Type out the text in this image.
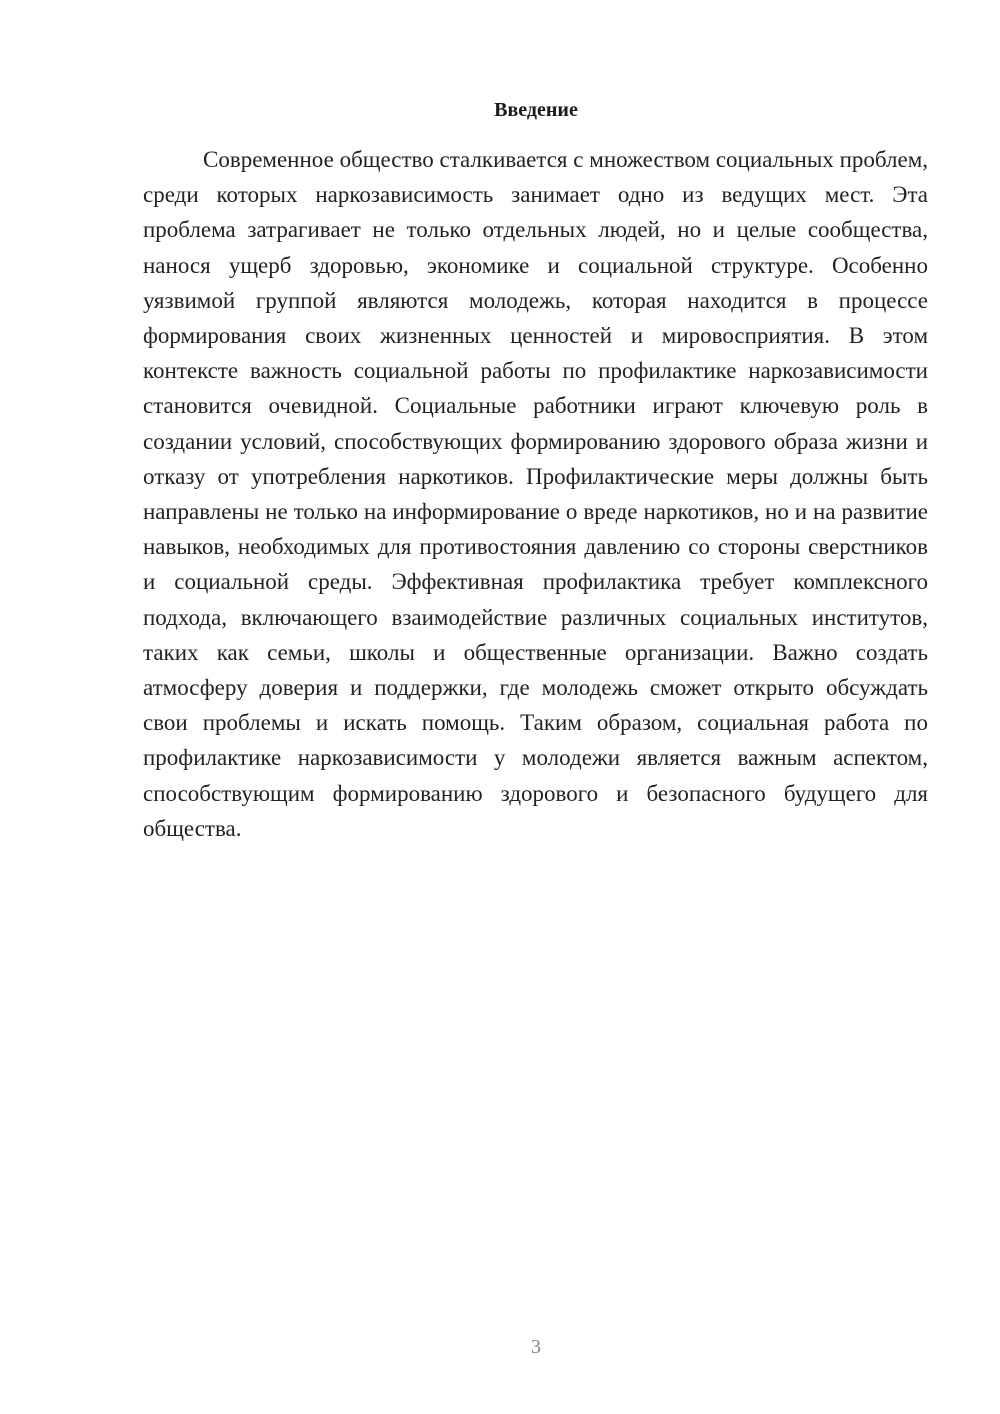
Введение

Современное общество сталкивается с множеством социальных проблем, среди которых наркозависимость занимает одно из ведущих мест. Эта проблема затрагивает не только отдельных людей, но и целые сообщества, нанося ущерб здоровью, экономике и социальной структуре. Особенно уязвимой группой являются молодежь, которая находится в процессе формирования своих жизненных ценностей и мировосприятия. В этом контексте важность социальной работы по профилактике наркозависимости становится очевидной. Социальные работники играют ключевую роль в создании условий, способствующих формированию здорового образа жизни и отказу от употребления наркотиков. Профилактические меры должны быть направлены не только на информирование о вреде наркотиков, но и на развитие навыков, необходимых для противостояния давлению со стороны сверстников и социальной среды. Эффективная профилактика требует комплексного подхода, включающего взаимодействие различных социальных институтов, таких как семьи, школы и общественные организации. Важно создать атмосферу доверия и поддержки, где молодежь сможет открыто обсуждать свои проблемы и искать помощь. Таким образом, социальная работа по профилактике наркозависимости у молодежи является важным аспектом, способствующим формированию здорового и безопасного будущего для общества.

3
